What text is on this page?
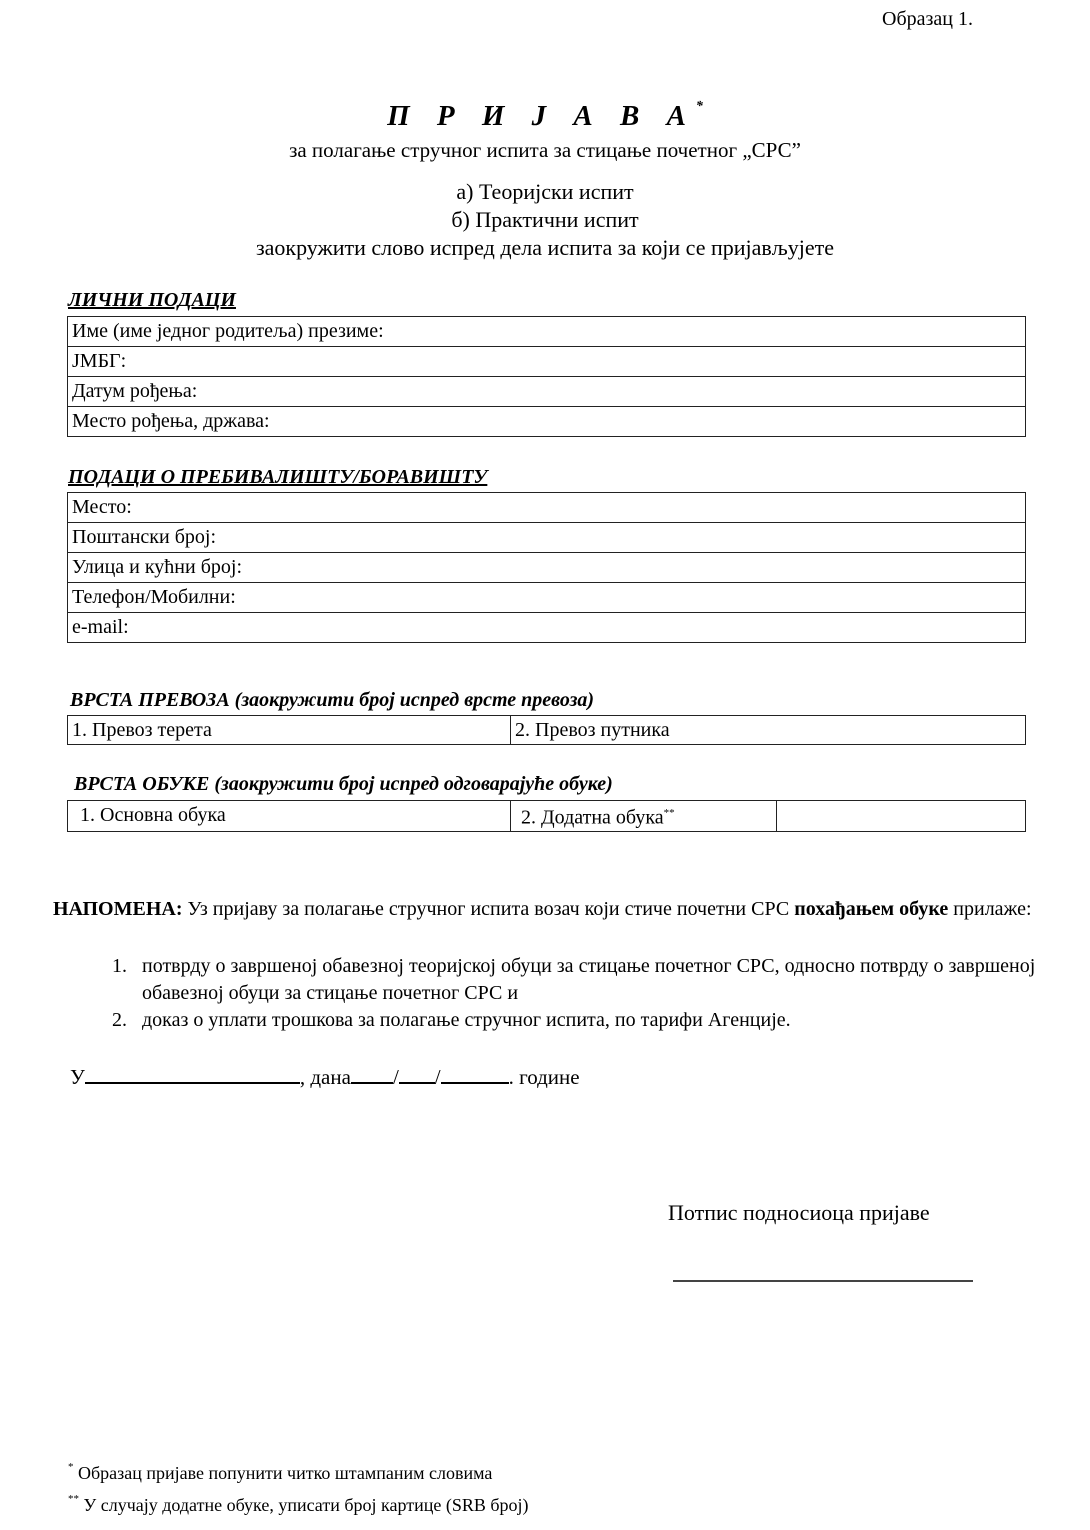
Образац 1.
П Р И Ј А В А*
за полагање стручног испита за стицање почетног „СРС”
а) Теоријски испит
б) Практични испит
заокружити слово испред дела испита за који се пријављујете
ЛИЧНИ ПОДАЦИ
Име (име једног родитеља) презиме:
ЈМБГ:
Датум рођења:
Место рођења, држава:
ПОДАЦИ О ПРЕБИВАЛИШТУ/БОРАВИШТУ
Место:
Поштански број:
Улица и кућни број:
Телефон/Мобилни:
e-mail:
ВРСТА ПРЕВОЗА (заокружити број испред врсте превоза)
1. Превоз терета	2. Превоз путника
ВРСТА ОБУКЕ (заокружити број испред одговарајуће обуке)
1. Основна обука	2. Додатна обука**	
НАПОМЕНА: Уз пријаву за полагање стручног испита возач који стиче почетни СРС похађањем обуке прилаже:
1. потврду о завршеној обавезној теоријској обуци за стицање почетног СРС, односно потврду о завршеној обавезној обуци за стицање почетног СРС и
2. доказ о уплати трошкова за полагање стручног испита, по тарифи Агенције.
У	, дана / /	. године
Потпис подносиоца пријаве
* Образац пријаве попунити читко штампаним словима
** У случају додатне обуке, уписати број картице (SRB број)
